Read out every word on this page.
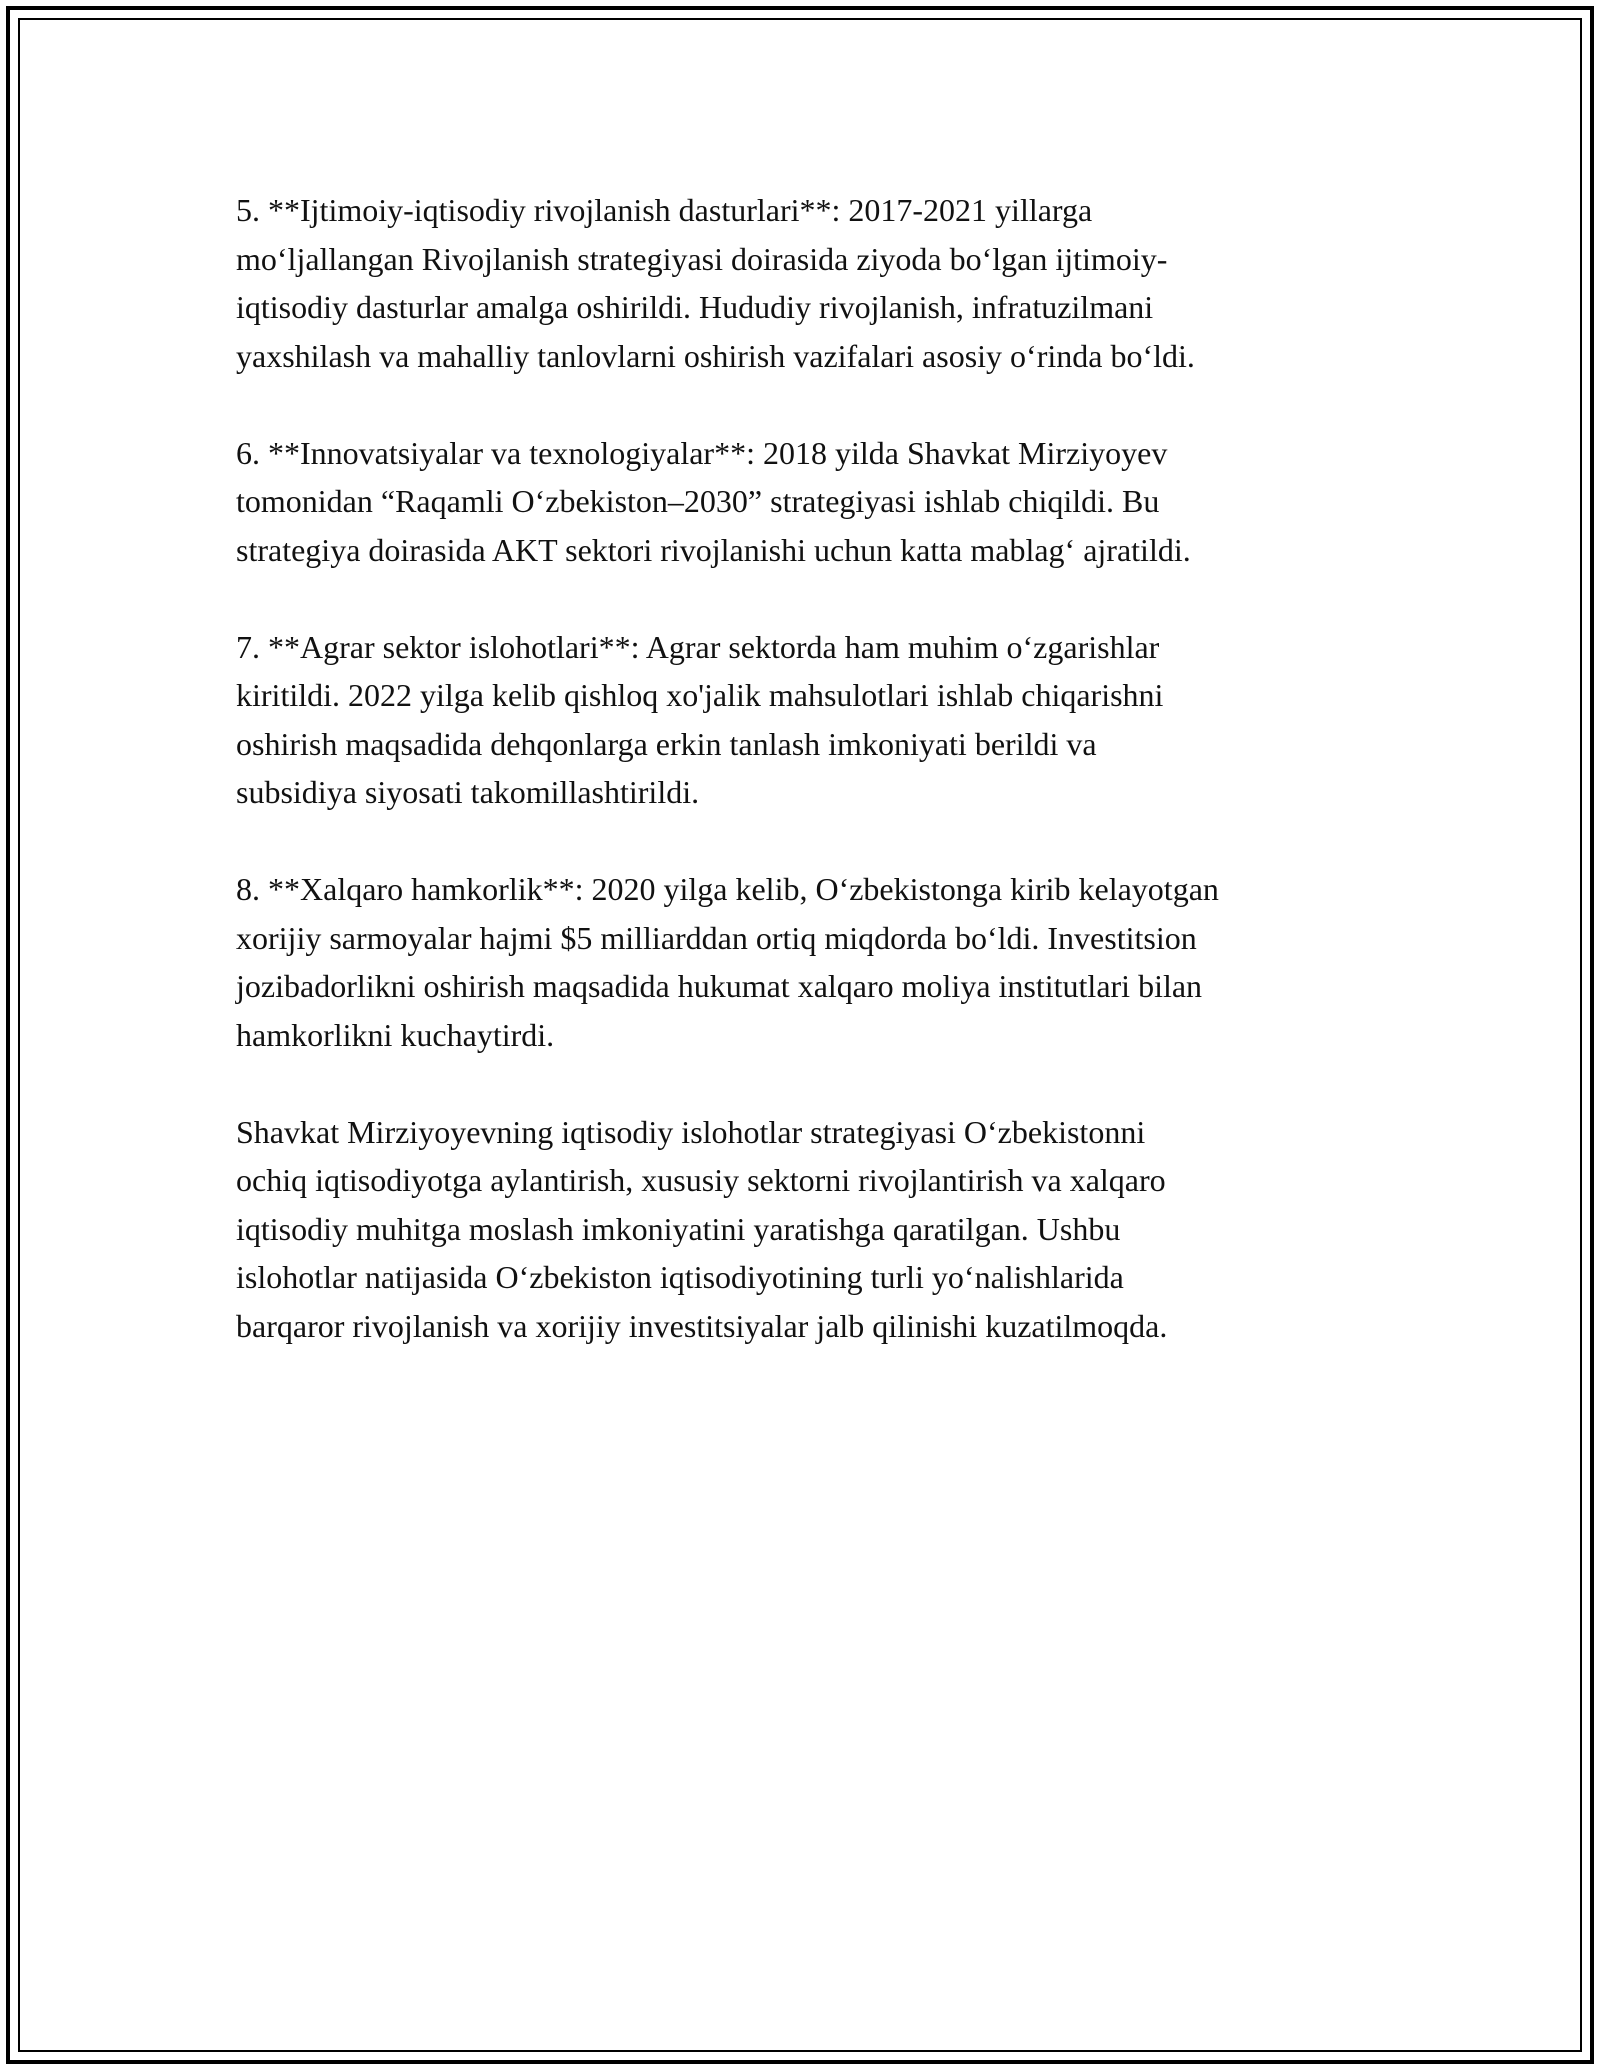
5. **Ijtimoiy-iqtisodiy rivojlanish dasturlari**: 2017-2021 yillarga
mo‘ljallangan Rivojlanish strategiyasi doirasida ziyoda bo‘lgan ijtimoiy-
iqtisodiy dasturlar amalga oshirildi. Hududiy rivojlanish, infratuzilmani
yaxshilash va mahalliy tanlovlarni oshirish vazifalari asosiy o‘rinda bo‘ldi.

6. **Innovatsiyalar va texnologiyalar**: 2018 yilda Shavkat Mirziyoyev
tomonidan “Raqamli O‘zbekiston–2030” strategiyasi ishlab chiqildi. Bu
strategiya doirasida AKT sektori rivojlanishi uchun katta mablag‘ ajratildi.

7. **Agrar sektor islohotlari**: Agrar sektorda ham muhim o‘zgarishlar
kiritildi. 2022 yilga kelib qishloq xo'jalik mahsulotlari ishlab chiqarishni
oshirish maqsadida dehqonlarga erkin tanlash imkoniyati berildi va
subsidiya siyosati takomillashtirildi.

8. **Xalqaro hamkorlik**: 2020 yilga kelib, O‘zbekistonga kirib kelayotgan
xorijiy sarmoyalar hajmi $5 milliarddan ortiq miqdorda bo‘ldi. Investitsion
jozibadorlikni oshirish maqsadida hukumat xalqaro moliya institutlari bilan
hamkorlikni kuchaytirdi.

Shavkat Mirziyoyevning iqtisodiy islohotlar strategiyasi O‘zbekistonni
ochiq iqtisodiyotga aylantirish, xususiy sektorni rivojlantirish va xalqaro
iqtisodiy muhitga moslash imkoniyatini yaratishga qaratilgan. Ushbu
islohotlar natijasida O‘zbekiston iqtisodiyotining turli yo‘nalishlarida
barqaror rivojlanish va xorijiy investitsiyalar jalb qilinishi kuzatilmoqda.
